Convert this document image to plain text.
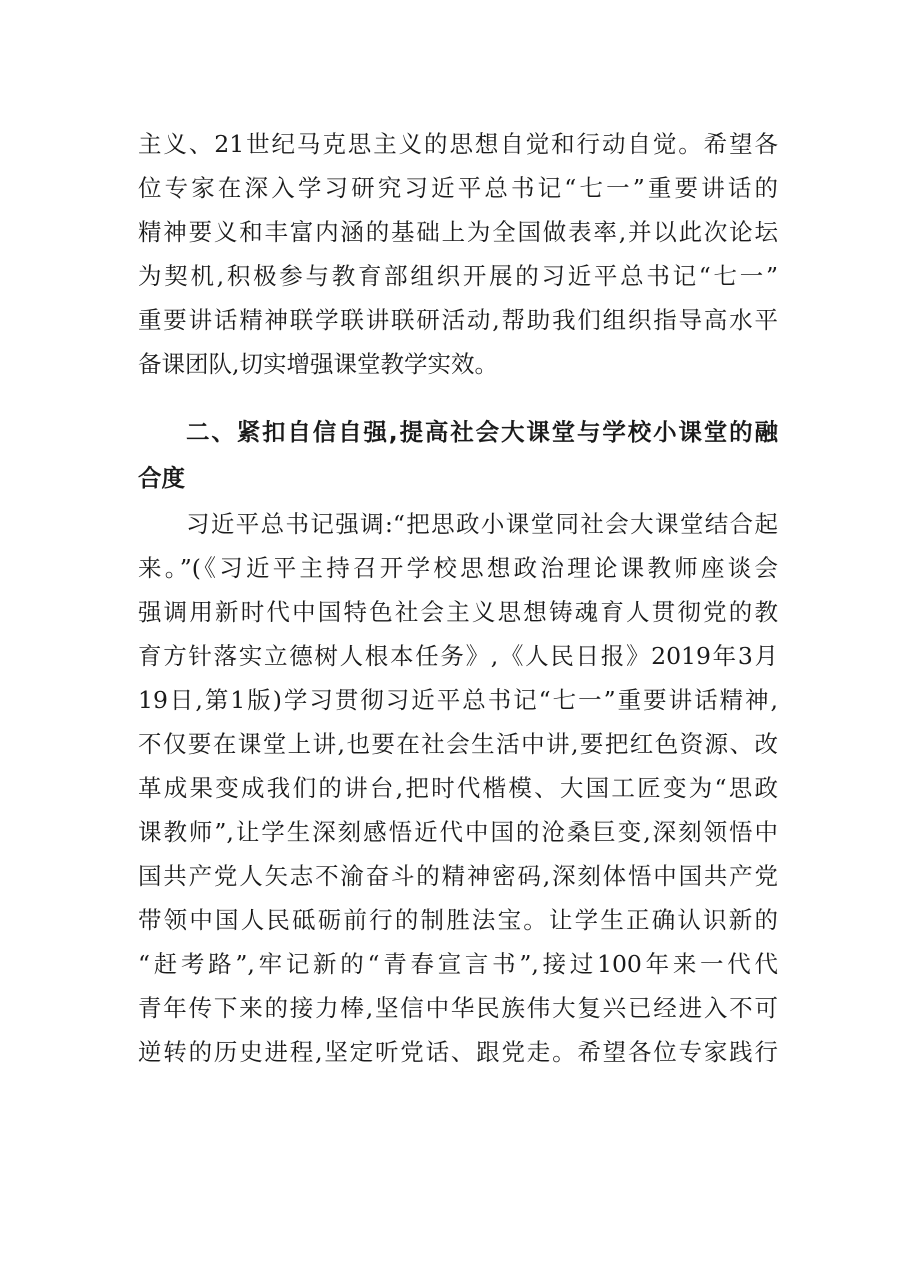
主义、21世纪马克思主义的思想自觉和行动自觉。希望各
位专家在深入学习研究习近平总书记“七一”重要讲话的
精神要义和丰富内涵的基础上为全国做表率,并以此次论坛
为契机,积极参与教育部组织开展的习近平总书记“七一”
重要讲话精神联学联讲联研活动,帮助我们组织指导高水平
备课团队,切实增强课堂教学实效。
二、紧扣自信自强,提高社会大课堂与学校小课堂的融
合度
习近平总书记强调:“把思政小课堂同社会大课堂结合起
来。”(《习近平主持召开学校思想政治理论课教师座谈会
强调用新时代中国特色社会主义思想铸魂育人贯彻党的教
育方针落实立德树人根本任务》,《人民日报》2019年3月
19日,第1版)学习贯彻习近平总书记“七一”重要讲话精神,
不仅要在课堂上讲,也要在社会生活中讲,要把红色资源、改
革成果变成我们的讲台,把时代楷模、大国工匠变为“思政
课教师”,让学生深刻感悟近代中国的沧桑巨变,深刻领悟中
国共产党人矢志不渝奋斗的精神密码,深刻体悟中国共产党
带领中国人民砥砺前行的制胜法宝。让学生正确认识新的
“赶考路”,牢记新的“青春宣言书”,接过100年来一代代
青年传下来的接力棒,坚信中华民族伟大复兴已经进入不可
逆转的历史进程,坚定听党话、跟党走。希望各位专家践行
